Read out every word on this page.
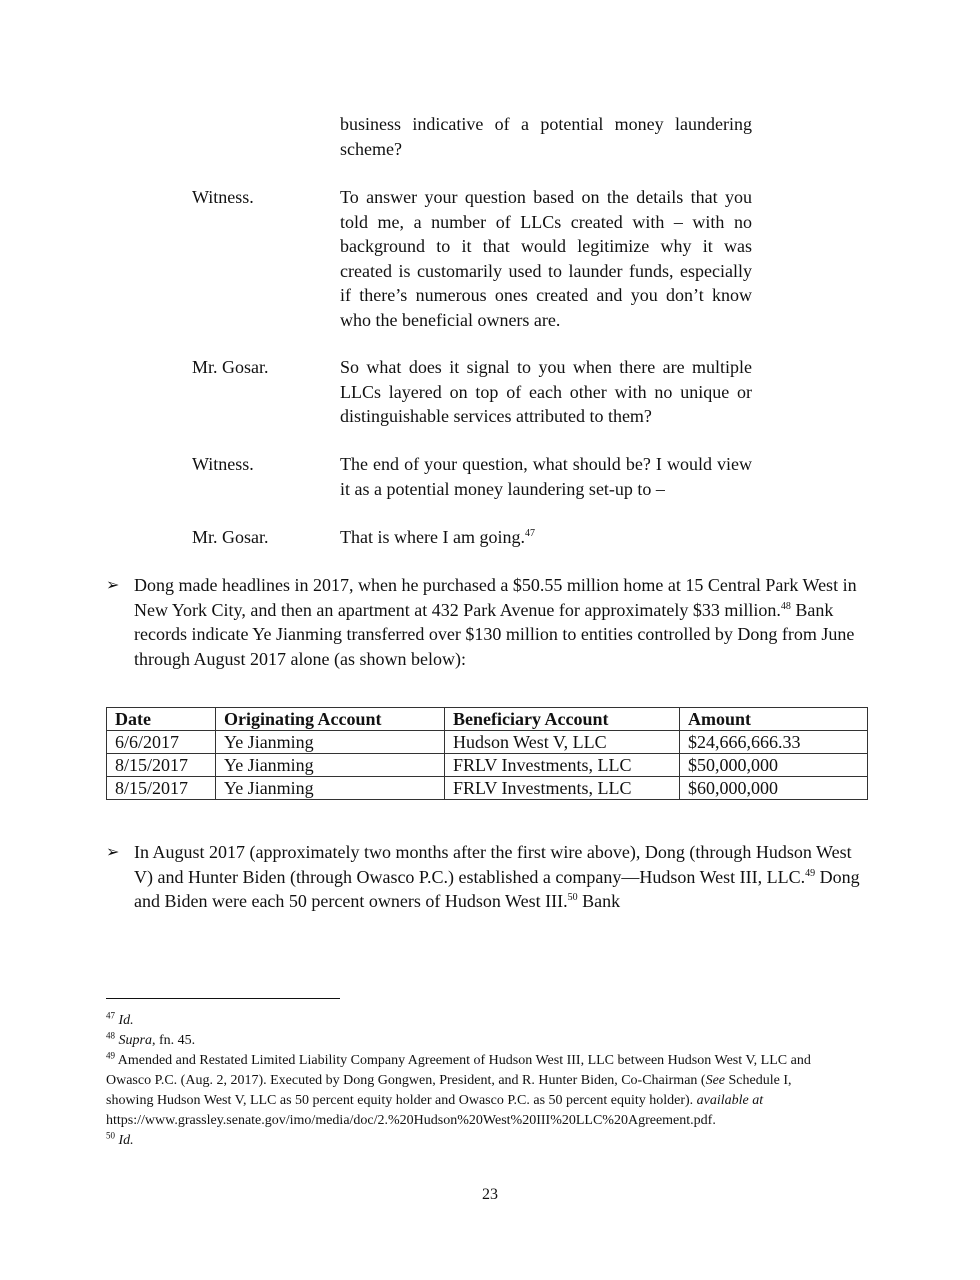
business indicative of a potential money laundering scheme?
Witness.	To answer your question based on the details that you told me, a number of LLCs created with – with no background to it that would legitimize why it was created is customarily used to launder funds, especially if there’s numerous ones created and you don’t know who the beneficial owners are.
Mr. Gosar.	So what does it signal to you when there are multiple LLCs layered on top of each other with no unique or distinguishable services attributed to them?
Witness.	The end of your question, what should be? I would view it as a potential money laundering set-up to –
Mr. Gosar.	That is where I am going.$^{47}$
➢ Dong made headlines in 2017, when he purchased a $50.55 million home at 15 Central Park West in New York City, and then an apartment at 432 Park Avenue for approximately $33 million.$^{48}$ Bank records indicate Ye Jianming transferred over $130 million to entities controlled by Dong from June through August 2017 alone (as shown below):
Date	Originating Account	Beneficiary Account	Amount
6/6/2017	Ye Jianming	Hudson West V, LLC	$24,666,666.33
8/15/2017	Ye Jianming	FRLV Investments, LLC	$50,000,000
8/15/2017	Ye Jianming	FRLV Investments, LLC	$60,000,000
➢ In August 2017 (approximately two months after the first wire above), Dong (through Hudson West V) and Hunter Biden (through Owasco P.C.) established a company—Hudson West III, LLC.$^{49}$ Dong and Biden were each 50 percent owners of Hudson West III.$^{50}$ Bank

$^{47}$ Id.

$^{48}$ Supra, fn. 45.

$^{49}$ Amended and Restated Limited Liability Company Agreement of Hudson West III, LLC between Hudson West V, LLC and Owasco P.C. (Aug. 2, 2017). Executed by Dong Gongwen, President, and R. Hunter Biden, Co-Chairman (See Schedule I, showing Hudson West V, LLC as 50 percent equity holder and Owasco P.C. as 50 percent equity holder). available at
https://www.grassley.senate.gov/imo/media/doc/2.%20Hudson%20West%20III%20LLC%20Agreement.pdf.

$^{50}$ Id.

23
